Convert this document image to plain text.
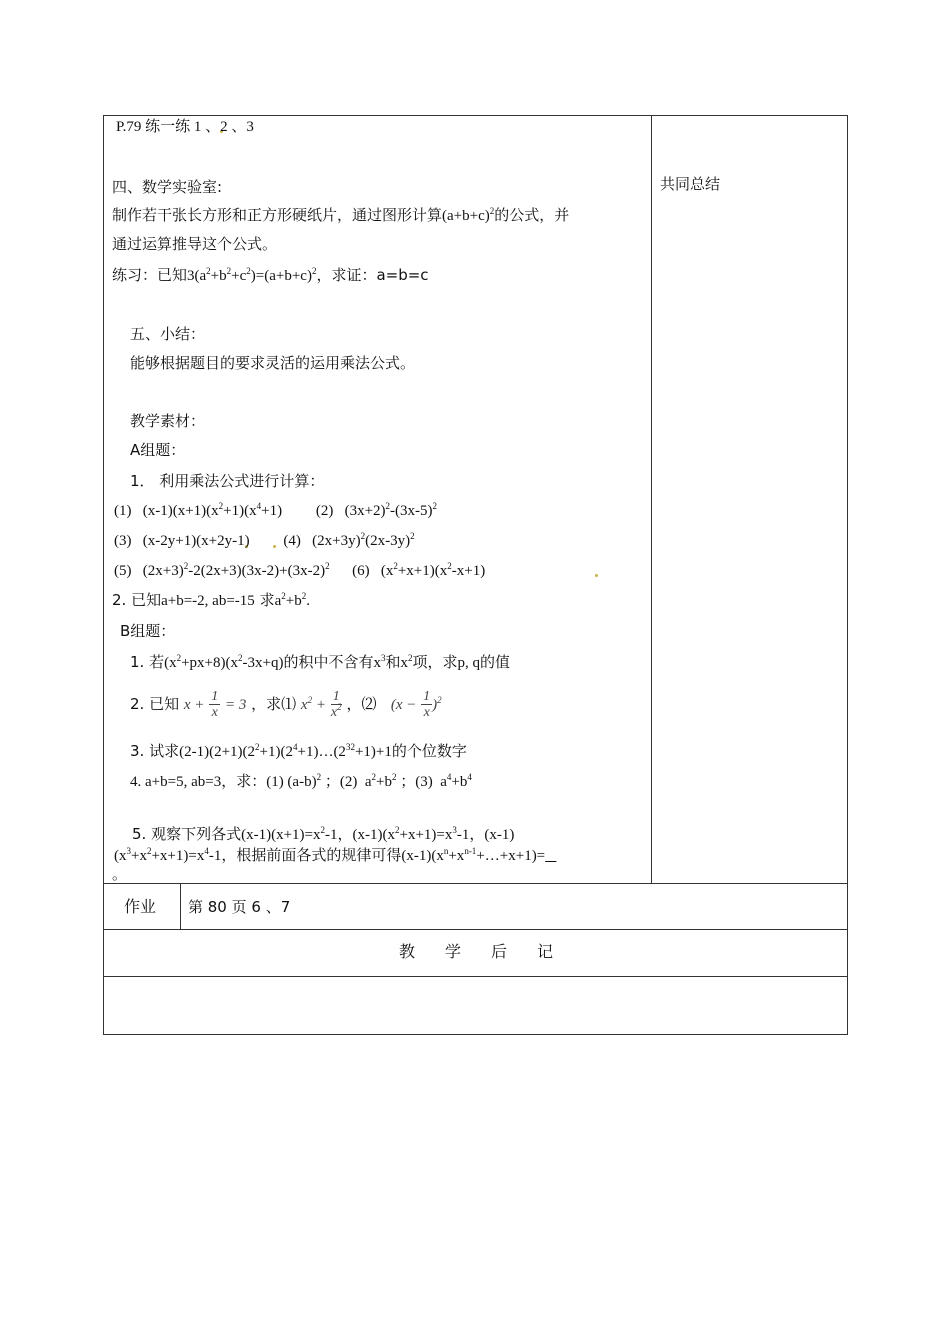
P.79 练一练 1 、2 、3
共同总结
四、数学实验室:
制作若干张长方形和正方形硬纸片，通过图形计算$(a+b+c)^2$的公式，并
通过运算推导这个公式。
练习：已知$3(a^2+b^2+c^2)=(a+b+c)^2$，求证：a=b=c
五、小结：
能够根据题目的要求灵活的运用乘法公式。
教学素材：
A组题：
1． 利用乘法公式进行计算：
(1)   $(x-1)(x+1)(x^2+1)(x^4+1)$         (2)   $(3x+2)^2-(3x-5)^2$
(3)   (x-2y+1)(x+2y-1)         (4)   $(2x+3y)^2(2x-3y)^2$
(5)   $(2x+3)^2-2(2x+3)(3x-2)+(3x-2)^2$      (6)   $(x^2+x+1)(x^2-x+1)$
2. 已知a+b=-2, ab=-15 求$a^2+b^2$.
B组题：
1. 若$(x^2+px+8)(x^2-3x+q)$的积中不含有$x^3$和$x^2$项，求p, q的值
2. 已知 $x + \frac{1}{x} = 3$ ，求⑴ $x^2 + \frac{1}{x^2}$ ，⑵ $(x - \frac{1}{x} )^2$
3. 试求$(2-1)(2+1)(2^2+1)(2^4+1)\dots(2^{32}+1)+1$的个位数字
4. a+b=5, ab=3，求：(1) $(a-b)^2$ ；(2)  $a^2+b^2$ ；(3)  $a^4+b^4$
5. 观察下列各式$(x-1)(x+1)=x^2-1$，$(x-1)(x^2+x+1)=x^3-1$，(x-1)
$(x^3+x^2+x+1)=x^4-1$，根据前面各式的规律可得$(x-1)(x^n+x^{n-1}+\dots+x+1)=$
。
作业 第 80 页 6 、7
教 学 后 记
